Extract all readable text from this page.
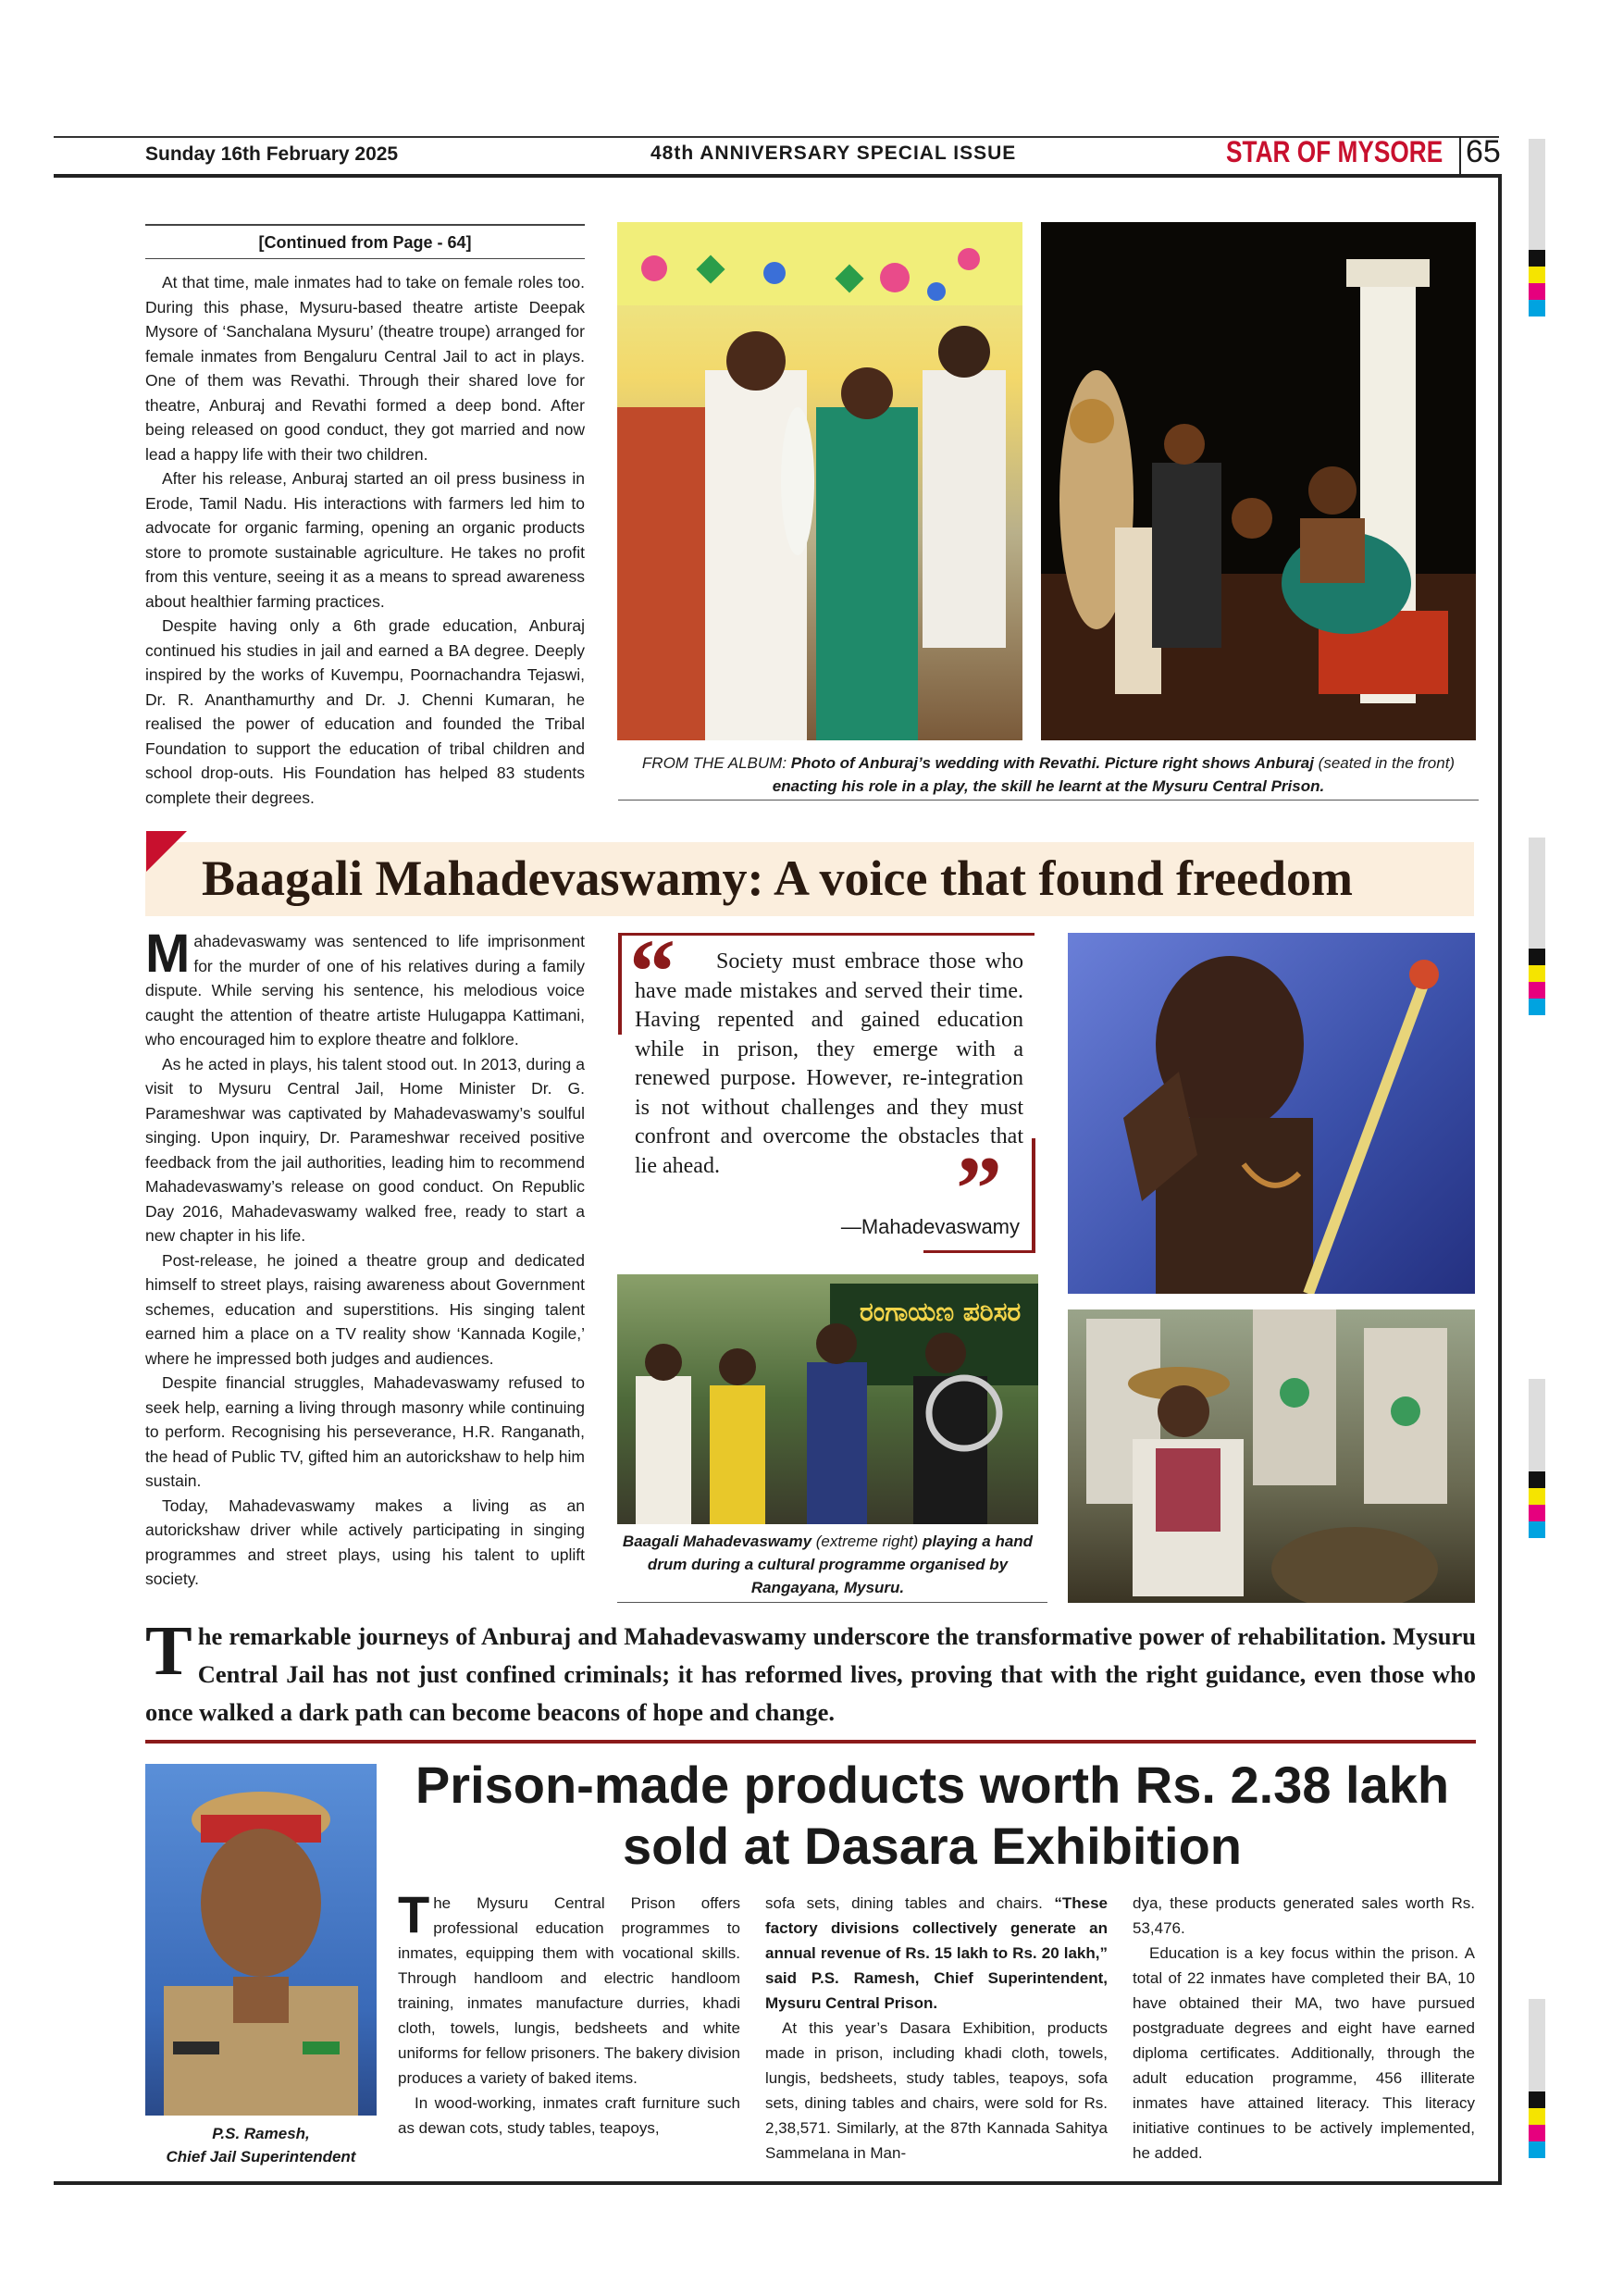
Sunday 16th February 2025	48th ANNIVERSARY SPECIAL ISSUE	STAR OF MYSORE 65
[Continued from Page - 64]

At that time, male inmates had to take on female roles too. During this phase, Mysuru-based theatre artiste Deepak Mysore of ‘Sanchalana Mysuru’ (theatre troupe) arranged for female inmates from Bengaluru Central Jail to act in plays. One of them was Revathi. Through their shared love for theatre, Anburaj and Revathi formed a deep bond. After being released on good conduct, they got married and now lead a happy life with their two children.

After his release, Anburaj started an oil press business in Erode, Tamil Nadu. His interactions with farmers led him to advocate for organic farming, opening an organic products store to promote sustainable agriculture. He takes no profit from this venture, seeing it as a means to spread awareness about healthier farming practices.

Despite having only a 6th grade education, Anburaj continued his studies in jail and earned a BA degree. Deeply inspired by the works of Kuvempu, Poornachandra Tejaswi, Dr. R. Ananthamurthy and Dr. J. Chenni Kumaran, he realised the power of education and founded the Tribal Foundation to support the education of tribal children and school drop-outs. His Foundation has helped 83 students complete their degrees.

FROM THE ALBUM: Photo of Anburaj’s wedding with Revathi. Picture right shows Anburaj (seated in the front) enacting his role in a play, the skill he learnt at the Mysuru Central Prison.
Baagali Mahadevaswamy: A voice that found freedom

Mahadevaswamy was sentenced to life imprisonment for the murder of one of his relatives during a family dispute. While serving his sentence, his melodious voice caught the attention of theatre artiste Hulugappa Kattimani, who encouraged him to explore theatre and folklore.

As he acted in plays, his talent stood out. In 2013, during a visit to Mysuru Central Jail, Home Minister Dr. G. Parameshwar was captivated by Mahadevaswamy’s soulful singing. Upon inquiry, Dr. Parameshwar received positive feedback from the jail authorities, leading him to recommend Mahadevaswamy’s release on good conduct. On Republic Day 2016, Mahadevaswamy walked free, ready to start a new chapter in his life.

Post-release, he joined a theatre group and dedicated himself to street plays, raising awareness about Government schemes, education and superstitions. His singing talent earned him a place on a TV reality show ‘Kannada Kogile,’ where he impressed both judges and audiences.

Despite financial struggles, Mahadevaswamy refused to seek help, earning a living through masonry while continuing to perform. Recognising his perseverance, H.R. Ranganath, the head of Public TV, gifted him an autorickshaw to help him sustain.

Today, Mahadevaswamy makes a living as an autorickshaw driver while actively participating in singing programmes and street plays, using his talent to uplift society.

“
”
Society must embrace those who have made mistakes and served their time. Having repented and gained education while in prison, they emerge with a renewed purpose. However, re-integration is not without challenges and they must confront and overcome the obstacles that lie ahead.
—Mahadevaswamy
ರಂಗಾಯಣ ಪರಿಸರ
Baagali Mahadevaswamy (extreme right) playing a hand drum during a cultural programme organised by Rangayana, Mysuru.
The remarkable journeys of Anburaj and Mahadevaswamy underscore the transformative power of rehabilitation. Mysuru Central Jail has not just confined criminals; it has reformed lives, proving that with the right guidance, even those who once walked a dark path can become beacons of hope and change.
P.S. Ramesh,
Chief Jail Superintendent
Prison-made products worth Rs. 2.38 lakh
sold at Dasara Exhibition

The Mysuru Central Prison offers professional education programmes to inmates, equipping them with vocational skills. Through handloom and electric handloom training, inmates manufacture durries, khadi cloth, towels, lungis, bedsheets and white uniforms for fellow prisoners. The bakery division produces a variety of baked items.

In wood-working, inmates craft furniture such as dewan cots, study tables, teapoys,

sofa sets, dining tables and chairs. “These factory divisions collectively generate an annual revenue of Rs. 15 lakh to Rs. 20 lakh,” said P.S. Ramesh, Chief Superintendent, Mysuru Central Prison.

At this year’s Dasara Exhibition, products made in prison, including khadi cloth, towels, lungis, bedsheets, study tables, teapoys, sofa sets, dining tables and chairs, were sold for Rs. 2,38,571. Similarly, at the 87th Kannada Sahitya Sammelana in Man-

dya, these products generated sales worth Rs. 53,476.

Education is a key focus within the prison. A total of 22 inmates have completed their BA, 10 have obtained their MA, two have pursued postgraduate degrees and eight have earned diploma certificates. Additionally, through the adult education programme, 456 illiterate inmates have attained literacy. This literacy initiative continues to be actively implemented, he added.
